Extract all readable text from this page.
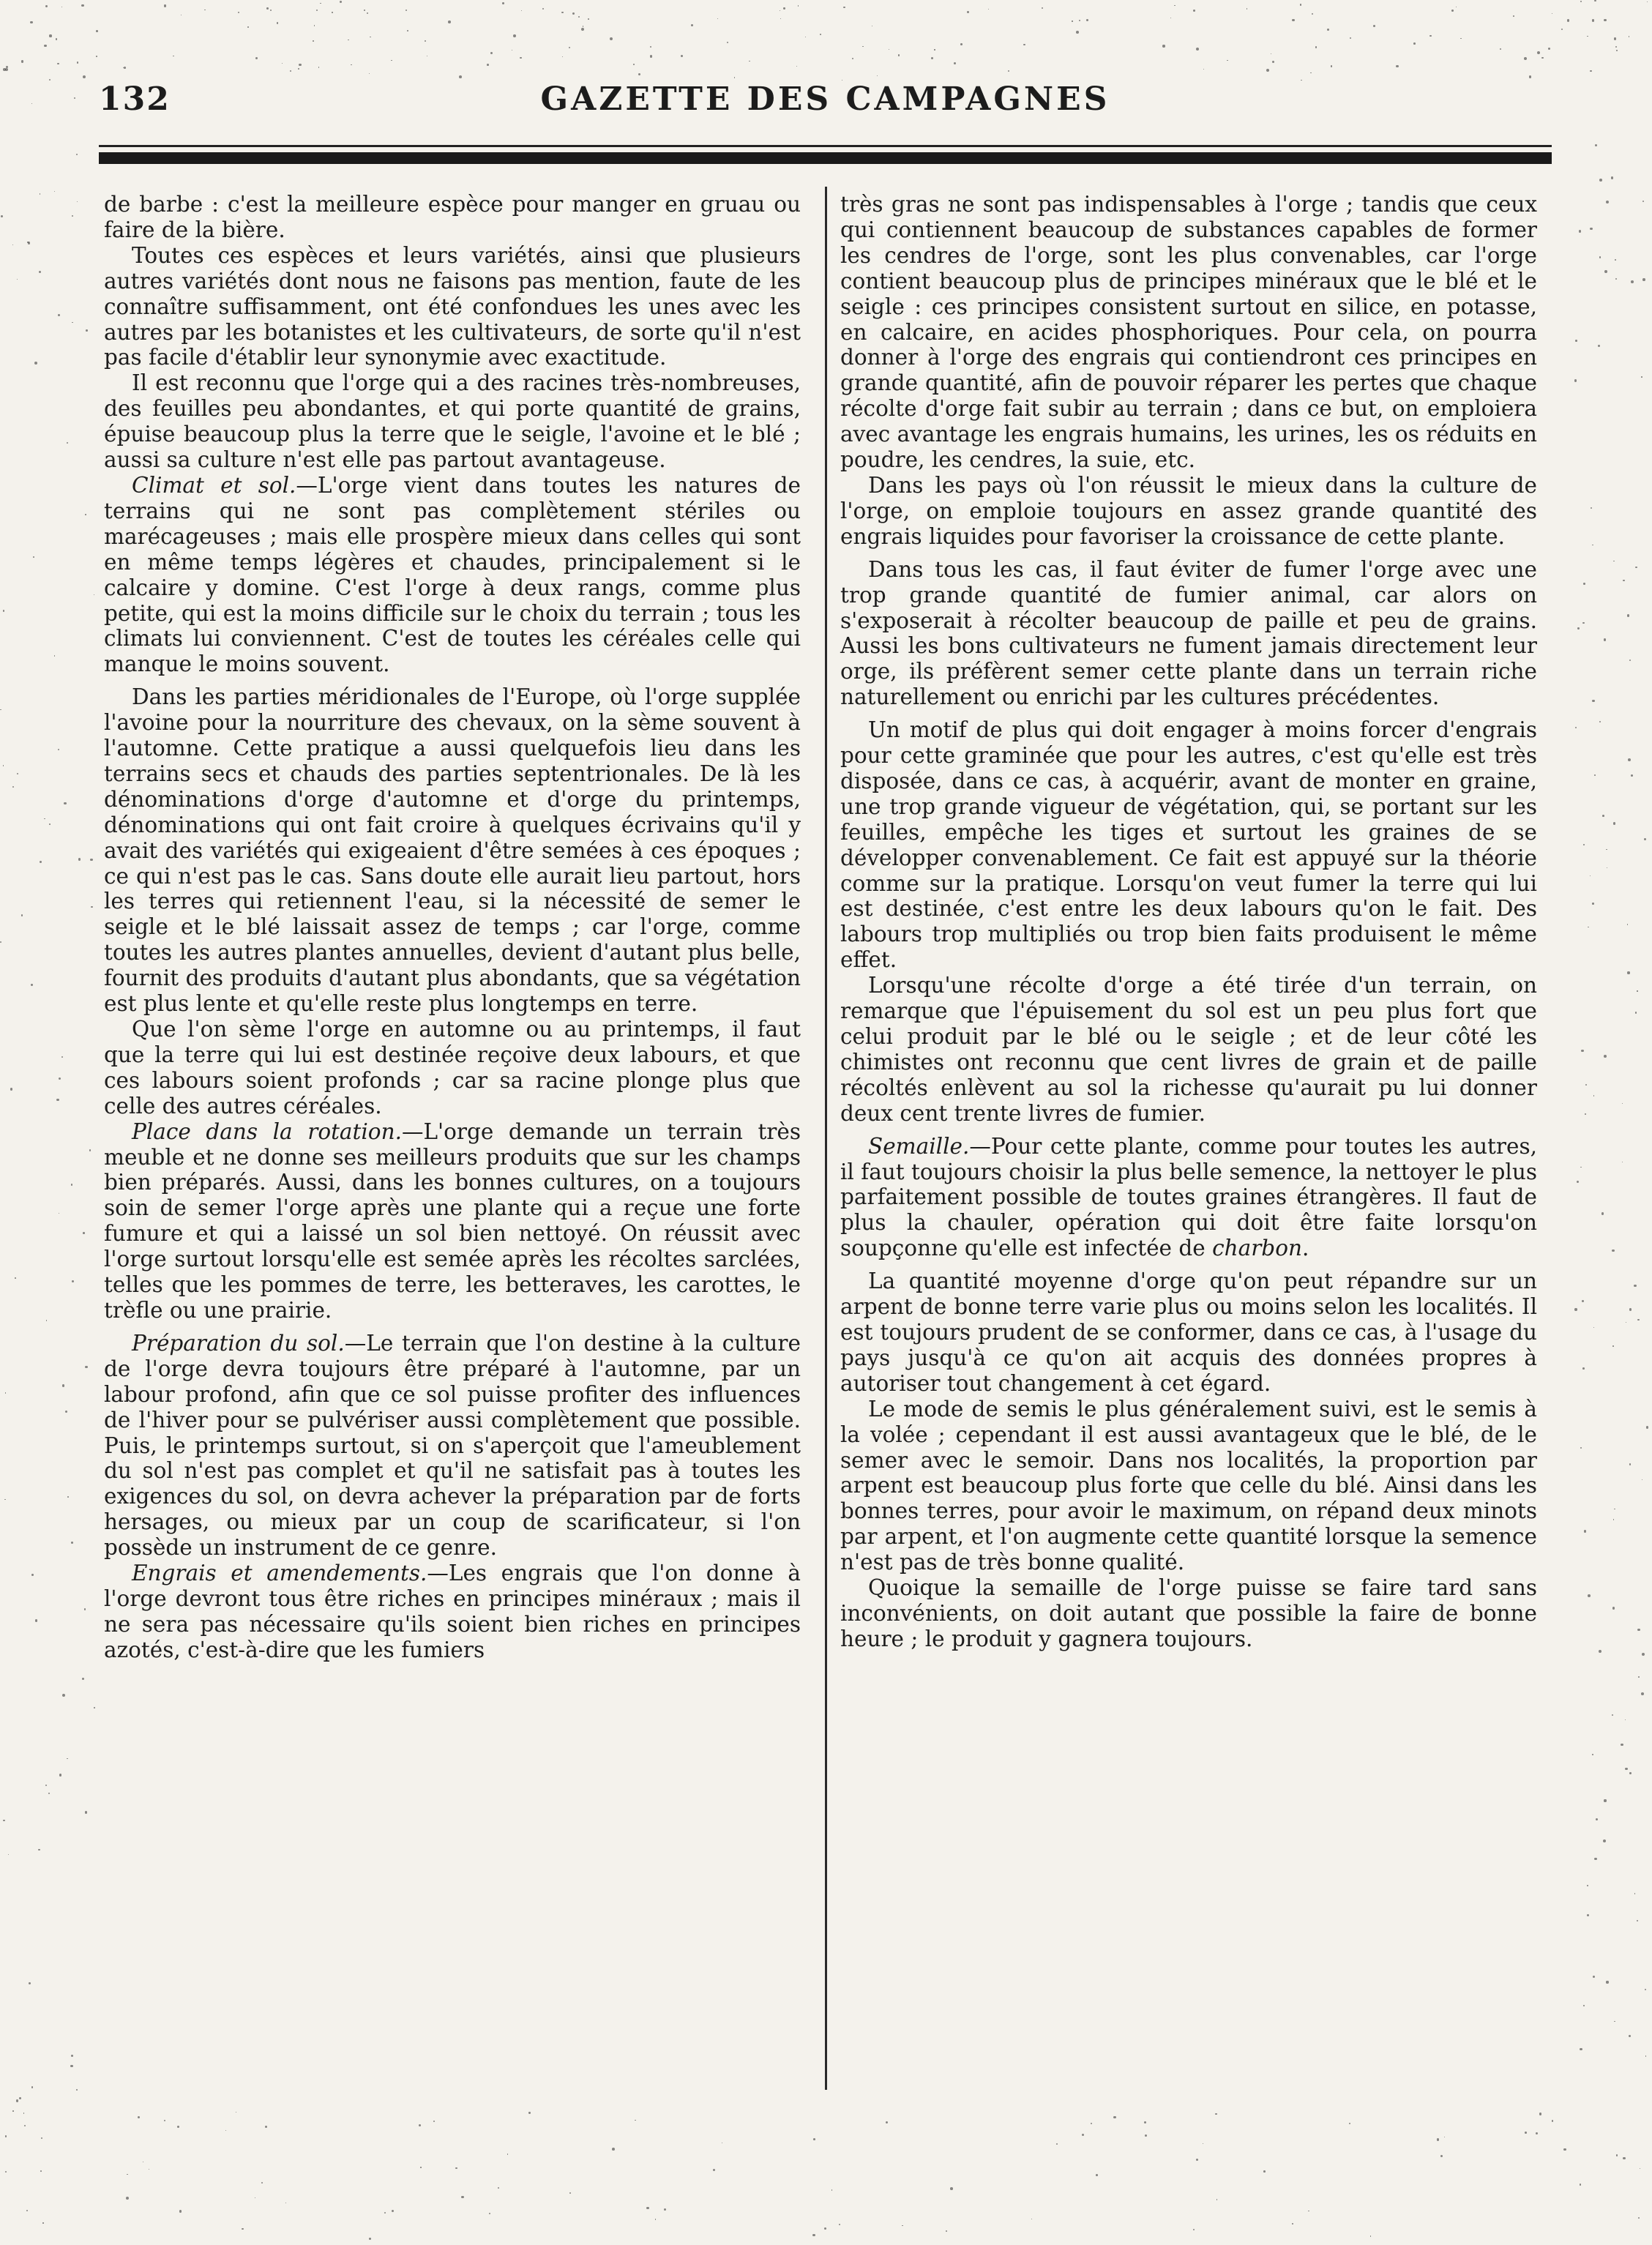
132	GAZETTE DES CAMPAGNES

de barbe : c'est la meilleure espèce pour manger en gruau ou faire de la bière.

Toutes ces espèces et leurs variétés, ainsi que plusieurs autres variétés dont nous ne faisons pas mention, faute de les connaître suffisamment, ont été confondues les unes avec les autres par les botanistes et les cultivateurs, de sorte qu'il n'est pas facile d'établir leur synonymie avec exactitude.

Il est reconnu que l'orge qui a des racines très-nombreuses, des feuilles peu abondantes, et qui porte quantité de grains, épuise beaucoup plus la terre que le seigle, l'avoine et le blé ; aussi sa culture n'est elle pas partout avantageuse.

Climat et sol.—L'orge vient dans toutes les natures de terrains qui ne sont pas complètement stériles ou marécageuses ; mais elle prospère mieux dans celles qui sont en même temps légères et chaudes, principalement si le calcaire y domine. C'est l'orge à deux rangs, comme plus petite, qui est la moins difficile sur le choix du terrain ; tous les climats lui conviennent. C'est de toutes les céréales celle qui manque le moins souvent.

Dans les parties méridionales de l'Europe, où l'orge supplée l'avoine pour la nourriture des chevaux, on la sème souvent à l'automne. Cette pratique a aussi quelquefois lieu dans les terrains secs et chauds des parties septentrionales. De là les dénominations d'orge d'automne et d'orge du printemps, dénominations qui ont fait croire à quelques écrivains qu'il y avait des variétés qui exigeaient d'être semées à ces époques ; ce qui n'est pas le cas. Sans doute elle aurait lieu partout, hors les terres qui retiennent l'eau, si la nécessité de semer le seigle et le blé laissait assez de temps ; car l'orge, comme toutes les autres plantes annuelles, devient d'autant plus belle, fournit des produits d'autant plus abondants, que sa végétation est plus lente et qu'elle reste plus longtemps en terre.

Que l'on sème l'orge en automne ou au printemps, il faut que la terre qui lui est destinée reçoive deux labours, et que ces labours soient profonds ; car sa racine plonge plus que celle des autres céréales.

Place dans la rotation.—L'orge demande un terrain très meuble et ne donne ses meilleurs produits que sur les champs bien préparés. Aussi, dans les bonnes cultures, on a toujours soin de semer l'orge après une plante qui a reçue une forte fumure et qui a laissé un sol bien nettoyé. On réussit avec l'orge surtout lorsqu'elle est semée après les récoltes sarclées, telles que les pommes de terre, les betteraves, les carottes, le trèfle ou une prairie.

Préparation du sol.—Le terrain que l'on destine à la culture de l'orge devra toujours être préparé à l'automne, par un labour profond, afin que ce sol puisse profiter des influences de l'hiver pour se pulvériser aussi complètement que possible. Puis, le printemps surtout, si on s'aperçoit que l'ameublement du sol n'est pas complet et qu'il ne satisfait pas à toutes les exigences du sol, on devra achever la préparation par de forts hersages, ou mieux par un coup de scarificateur, si l'on possède un instrument de ce genre.

Engrais et amendements.—Les engrais que l'on donne à l'orge devront tous être riches en principes minéraux ; mais il ne sera pas nécessaire qu'ils soient bien riches en principes azotés, c'est-à-dire que les fumiers

très gras ne sont pas indispensables à l'orge ; tandis que ceux qui contiennent beaucoup de substances capables de former les cendres de l'orge, sont les plus convenables, car l'orge contient beaucoup plus de principes minéraux que le blé et le seigle : ces principes consistent surtout en silice, en potasse, en calcaire, en acides phosphoriques. Pour cela, on pourra donner à l'orge des engrais qui contiendront ces principes en grande quantité, afin de pouvoir réparer les pertes que chaque récolte d'orge fait subir au terrain ; dans ce but, on emploiera avec avantage les engrais humains, les urines, les os réduits en poudre, les cendres, la suie, etc.

Dans les pays où l'on réussit le mieux dans la culture de l'orge, on emploie toujours en assez grande quantité des engrais liquides pour favoriser la croissance de cette plante.

Dans tous les cas, il faut éviter de fumer l'orge avec une trop grande quantité de fumier animal, car alors on s'exposerait à récolter beaucoup de paille et peu de grains. Aussi les bons cultivateurs ne fument jamais directement leur orge, ils préfèrent semer cette plante dans un terrain riche naturellement ou enrichi par les cultures précédentes.

Un motif de plus qui doit engager à moins forcer d'engrais pour cette graminée que pour les autres, c'est qu'elle est très disposée, dans ce cas, à acquérir, avant de monter en graine, une trop grande vigueur de végétation, qui, se portant sur les feuilles, empêche les tiges et surtout les graines de se développer convenablement. Ce fait est appuyé sur la théorie comme sur la pratique. Lorsqu'on veut fumer la terre qui lui est destinée, c'est entre les deux labours qu'on le fait. Des labours trop multipliés ou trop bien faits produisent le même effet.

Lorsqu'une récolte d'orge a été tirée d'un terrain, on remarque que l'épuisement du sol est un peu plus fort que celui produit par le blé ou le seigle ; et de leur côté les chimistes ont reconnu que cent livres de grain et de paille récoltés enlèvent au sol la richesse qu'aurait pu lui donner deux cent trente livres de fumier.

Semaille.—Pour cette plante, comme pour toutes les autres, il faut toujours choisir la plus belle semence, la nettoyer le plus parfaitement possible de toutes graines étrangères. Il faut de plus la chauler, opération qui doit être faite lorsqu'on soupçonne qu'elle est infectée de charbon.

La quantité moyenne d'orge qu'on peut répandre sur un arpent de bonne terre varie plus ou moins selon les localités. Il est toujours prudent de se conformer, dans ce cas, à l'usage du pays jusqu'à ce qu'on ait acquis des données propres à autoriser tout changement à cet égard.

Le mode de semis le plus généralement suivi, est le semis à la volée ; cependant il est aussi avantageux que le blé, de le semer avec le semoir. Dans nos localités, la proportion par arpent est beaucoup plus forte que celle du blé. Ainsi dans les bonnes terres, pour avoir le maximum, on répand deux minots par arpent, et l'on augmente cette quantité lorsque la semence n'est pas de très bonne qualité.

Quoique la semaille de l'orge puisse se faire tard sans inconvénients, on doit autant que possible la faire de bonne heure ; le produit y gagnera toujours.
